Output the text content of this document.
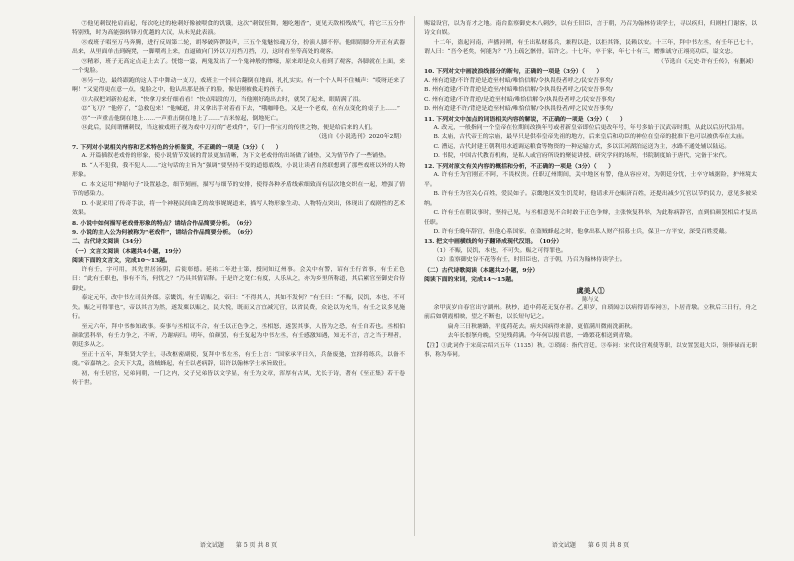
⑦他见刺钗抡肩而起，每次吃过的枪刺好像被喂食的饥饿，这次“刺钗狂舞，翘吃翘香”，更见天敌相残战气，将它三五分作特别残，时为高能强转锋刃优越的大汉，从未见此表演。

⑧戏班子唱至万马奔腾，进行反周第二轮，胡琴破阵锣鼓声，三五个鬼魅惊魂万分，扮演人脚不停。他眼睛脚分开正有武器出来，从里面单击到碗凳，一脚喂鸡上来，直逼破向门外以刀刃挡刀挡，刀，这时看坐等高处的观客。

⑨精彩，班子无高定点走上去了。恍惚一霎，两鬼发出了一个鬼神般的惨嚎，原来却是众人看到了观客，各脚就在上面，来一个鬼脸。

⑩另一边，最终跟跑的这人手中舞动一支刀，戏班主一个回合翻倒在地面，扎扎实实。有一个个人叫不住喊声：“哎呀还来了啊！”又觉得更在意一点，鬼脸之中，他认出那是孩子的脸，像是刚被救走的孩子。

⑪大叔把刘新拉起来，“快拿刀来仔细看看！”快点唱段的刀，当他刚好跑出去时，就哭了起来，眼睛满了泪。

⑫“飞刀？”他停了，“急救包来！”他喊道，并又拿出手对着看下去，“哦咖啡色，又是一个老戏，在有点变化的桌子上……”

⑬“一声重击他倒在地上……一声重击倒在地上了……”吉米惊起，倒地死亡。

⑭此后，民间谓酬刺钗，当这被戏班子视为戏中刀刃的“老戏件”，专门一件宝刃的传世之物，便是给后来的人们。

（选自《小说选刊》2020年2期）

7. 下列对小说相关内容和艺术特色的分析鉴赏，不正确的一项是（3分）（　　）

A. 开篇插叙老戏骨的形象，使小说情节发展的背景更加清晰，为下文老戏骨的出场做了铺垫，又为情节作了一些铺垫。

B. “人不犯我，我不犯人……”这句话的主旨为“强调”要坚持不变的道德底线，小说让读者自然联想到了那些戏班以外的人物形象。

C. 本文运用“伸缩句子”设置悬念，细节刻画，描写与细节的安排，使得各种矛盾线索细致而有层次地交织在一起，增强了情节的感染力。

D. 小说采用了传奇手法，将一个神秘民间曲艺的故事娓娓道来，描写人物形象生动、人物特点突出，体现出了戏剧性的艺术效果。

8. 小说中如何描写老戏骨形象的特点？请结合作品简要分析。（6分）

9. 小说的主人公为何被称为“老戏件”，请结合作品简要分析。（6分）

二、古代诗文阅读（34分）

（一）文言文阅读（本题共4小题，19分）

阅读下面的文言文，完成10～13题。

许有壬，字可用，其先世居汤阴，后徙彰德。延祐二年进士第，授同知辽州事。会关中有警，诏有壬行省事，有壬正色曰：“此有壬职也，事有不当，何忧之？”乃具其情诏释。于是许之宽仁有度，人乐从之，亦为乡里所称道，其后累官至御史台侍御史。

泰定元年，改中书左司员外郎。京畿饥，有壬请赈之，帝曰：“不得其人，其如不发何？”有壬曰：“不赈，民饥，本也，不可失。赈之可得罪也”，帝以其言为然，遂发粟以赈之，民大悦，既而又言宜减冗官，以省民费，众论以为允当，有壬之议多见施行。

至元六年，拜中书参知政事。奏事与丞相议不合，有壬以正色争之，丞相怒，遂罢其事，人皆为之恐，有壬自若也。丞相伯颜欲罢科举，有壬力争之，不听，乃谢病归。明年，伯颜罢，有壬复起为中书左丞，有壬感激知遇，知无不言，言之当于理者，朝廷多从之。

至正十五年，拜集贤大学士，寻改枢密副使，复拜中书左丞，有壬上言：“国家承平日久，兵备废弛，宜择将练兵，以备不虞。”帝嘉纳之。会天下大乱，盗贼蜂起，有壬以老病辞，诏许以翰林学士承旨致仕。

初，有壬居官，兄弟同朝，一门之内，父子兄弟皆以文学显，有壬为文章，浑厚有古风，尤长于诗，著有《至正集》若干卷传于世。

赐谥设官，以为育才之地。南台监察御史木八刺沙，以有壬旧臣，言于朝，乃召为翰林侍读学士，寻以疾归，归则杜门谢客，以诗文自娱。

十二年，盗起河南，声播河朔，有壬出私财募兵，兼程以赴，以拒其锋，民赖以安。十三年，拜中书左丞，有壬年已七十，谓人曰：“吾今老矣，何能为？”乃上疏乞骸骨，诏许之。十七年，卒于家，年七十有三，赠推诚守正翊亮功臣，谥文忠。

（节选自《元史·许有壬传》，有删减）

10. 下列对文中画波浪线部分的断句，正确的一项是（3分）（　　）

A. 州有迨建/不许背逆是迨至村暗/唯恰信解/令执畏役者呼之/民安吾事矣/

B. 州有迨建/不许背逆是迨至/村暗唯恰信解/令执畏役者呼之/民安吾事矣/

C. 州有迨建/不许背逆/是迨至村暗/唯恰信解令/执畏役者呼之/民安吾事矣/

D. 州有迨建不许/背逆是迨至村暗/唯恰信解/令执畏役者/呼之民安吾事矣/

11. 下列对文中加点的词语相关内容的解说，不正确的一项是（3分）（　　）

A. 改元，一般指同一个皇帝在位期间改换年号或者新皇帝即位后更改年号，年号多始于汉武帝时期，从此以后历代沿用。

B. 太庙，古代帝王的宗庙，最早只是供奉皇帝先祖的地方，后来皇后和功臣的神位在皇帝的批准下也可以被供奉在太庙。

C. 漕运，古代封建王朝利用水道调运粮食等物资的一种运输方式，多以江河湖泊运送为主，水路不通处辅以陆运。

D. 书院，中国古代教育机构，是私人或官府所设的聚徒讲授、研究学问的场所，书院制度始于唐代，完备于宋代。

12. 下列对原文有关内容的概括和分析，不正确的一项是（3分）（　　）

A. 许有壬为官刚正不阿，不畏权贵。任职辽州期间，关中地区有警，他从容应对，为朝廷分忧，士卒守城据险，护州境太平。

B. 许有壬为官关心百姓，爱民如子。京畿地区发生饥荒时，他请求开仓赈济百姓，还提出减少冗官以节约民力，意见多被采纳。

C. 许有壬在朝议事时，坚持己见，与丞相意见不合时敢于正色争辩，主张恢复科举，为此称病辞官，直到伯颜罢相后才复出任职。

D. 许有壬晚年辞官，但他心系国家，在盗贼蜂起之时，他拿出私人财产招募士兵，保卫一方平安，深受百姓爱戴。

13. 把文中画横线的句子翻译成现代汉语。（10分）

（1）不赈，民饥，本也，不可失。赈之可得罪也。

（2）监察御史谷不花等有壬，时旧臣也，言于朝，乃召为翰林侍读学士。

（二）古代诗歌阅读（本题共2小题，9分）

阅读下面的宋词，完成14～15题。

虞美人①

陈与义

余甲寅岁自春官出守湖州。秋杪，道中荷花无复存者。乙卯岁，自琐闼②以病得请奉祠③，卜居青墩。立秋后三日行，舟之前后如朝霞相映，望之不断也，以长短句记之。

扁舟三日秋塘路，平度荷花去。病夫因病得来游，更值满川微雨洗新秋。

去年长恨拏舟晚，空见残荷满。今年何以报君恩，一路繁花相送到青墩。

【注】①此词作于宋高宗绍兴五年（1135）秋。②琐闼：指代宫廷。③奉祠：宋代设宫观使等职，以安置罢退大臣，领俸禄而无职事，称为奉祠。

语文试题　　第 5 页 共 8 页	语文试题　　第 6 页 共 8 页
